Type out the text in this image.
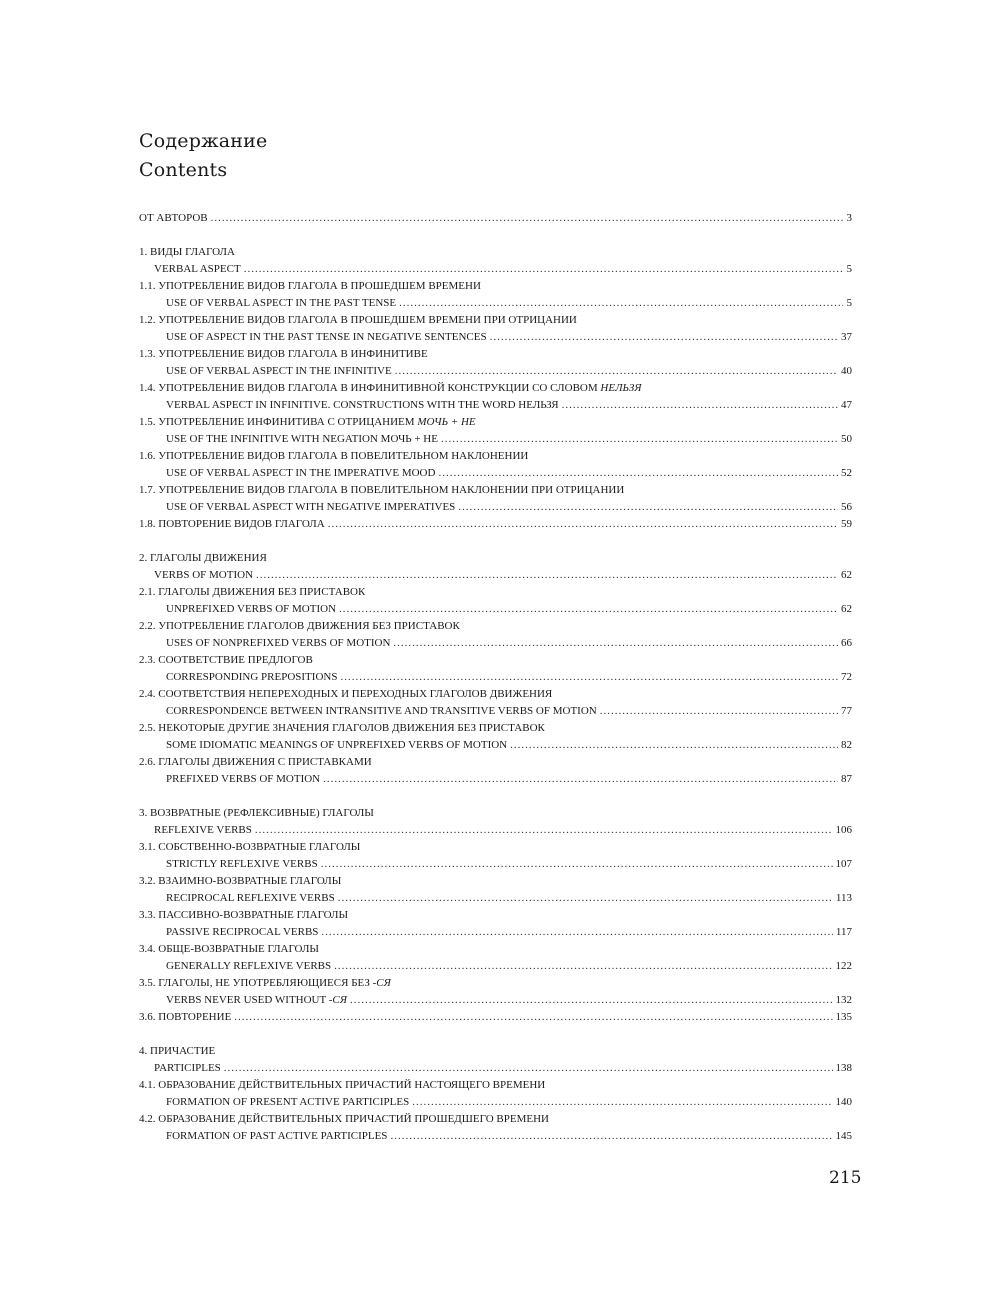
Содержание
Contents
ОТ АВТОРОВ .....	3
1. ВИДЫ ГЛАГОЛА
VERBAL ASPECT .....	5
1.1. УПОТРЕБЛЕНИЕ ВИДОВ ГЛАГОЛА В ПРОШЕДШЕМ ВРЕМЕНИ
USE OF VERBAL ASPECT IN THE PAST TENSE .....	5
1.2. УПОТРЕБЛЕНИЕ ВИДОВ ГЛАГОЛА В ПРОШЕДШЕМ ВРЕМЕНИ ПРИ ОТРИЦАНИИ
USE OF ASPECT IN THE PAST TENSE IN NEGATIVE SENTENCES .....	37
1.3. УПОТРЕБЛЕНИЕ ВИДОВ ГЛАГОЛА В ИНФИНИТИВЕ
USE OF VERBAL ASPECT IN THE INFINITIVE .....	40
1.4. УПОТРЕБЛЕНИЕ ВИДОВ ГЛАГОЛА В ИНФИНИТИВНОЙ КОНСТРУКЦИИ СО СЛОВОМ НЕЛЬЗЯ
VERBAL ASPECT IN INFINITIVE. CONSTRUCTIONS WITH THE WORD НЕЛЬЗЯ .....	47
1.5. УПОТРЕБЛЕНИЕ ИНФИНИТИВА С ОТРИЦАНИЕМ МОЧЬ + НЕ
USE OF THE INFINITIVE WITH NEGATION МОЧЬ + НЕ .....	50
1.6. УПОТРЕБЛЕНИЕ ВИДОВ ГЛАГОЛА В ПОВЕЛИТЕЛЬНОМ НАКЛОНЕНИИ
USE OF VERBAL ASPECT IN THE IMPERATIVE MOOD .....	52
1.7. УПОТРЕБЛЕНИЕ ВИДОВ ГЛАГОЛА В ПОВЕЛИТЕЛЬНОМ НАКЛОНЕНИИ ПРИ ОТРИЦАНИИ
USE OF VERBAL ASPECT WITH NEGATIVE IMPERATIVES .....	56
1.8. ПОВТОРЕНИЕ ВИДОВ ГЛАГОЛА .....	59
2. ГЛАГОЛЫ ДВИЖЕНИЯ
VERBS OF MOTION .....	62
2.1. ГЛАГОЛЫ ДВИЖЕНИЯ БЕЗ ПРИСТАВОК
UNPREFIXED VERBS OF MOTION .....	62
2.2. УПОТРЕБЛЕНИЕ ГЛАГОЛОВ ДВИЖЕНИЯ БЕЗ ПРИСТАВОК
USES OF NONPREFIXED VERBS OF MOTION .....	66
2.3. СООТВЕТСТВИЕ ПРЕДЛОГОВ
CORRESPONDING PREPOSITIONS .....	72
2.4. СООТВЕТСТВИЯ НЕПЕРЕХОДНЫХ И ПЕРЕХОДНЫХ ГЛАГОЛОВ ДВИЖЕНИЯ
CORRESPONDENCE BETWEEN INTRANSITIVE AND TRANSITIVE VERBS OF MOTION .....	77
2.5. НЕКОТОРЫЕ ДРУГИЕ ЗНАЧЕНИЯ ГЛАГОЛОВ ДВИЖЕНИЯ БЕЗ ПРИСТАВОК
SOME IDIOMATIC MEANINGS OF UNPREFIXED VERBS OF MOTION .....	82
2.6. ГЛАГОЛЫ ДВИЖЕНИЯ С ПРИСТАВКАМИ
PREFIXED VERBS OF MOTION .....	87
3. ВОЗВРАТНЫЕ (РЕФЛЕКСИВНЫЕ) ГЛАГОЛЫ
REFLEXIVE VERBS .....	106
3.1. СОБСТВЕННО-ВОЗВРАТНЫЕ ГЛАГОЛЫ
STRICTLY REFLEXIVE VERBS .....	107
3.2. ВЗАИМНО-ВОЗВРАТНЫЕ ГЛАГОЛЫ
RECIPROCAL REFLEXIVE VERBS .....	113
3.3. ПАССИВНО-ВОЗВРАТНЫЕ ГЛАГОЛЫ
PASSIVE RECIPROCAL VERBS .....	117
3.4. ОБЩЕ-ВОЗВРАТНЫЕ ГЛАГОЛЫ
GENERALLY REFLEXIVE VERBS .....	122
3.5. ГЛАГОЛЫ, НЕ УПОТРЕБЛЯЮЩИЕСЯ БЕЗ -СЯ
VERBS NEVER USED WITHOUT -СЯ .....	132
3.6. ПОВТОРЕНИЕ .....	135
4. ПРИЧАСТИЕ
PARTICIPLES .....	138
4.1. ОБРАЗОВАНИЕ ДЕЙСТВИТЕЛЬНЫХ ПРИЧАСТИЙ НАСТОЯЩЕГО ВРЕМЕНИ
FORMATION OF PRESENT ACTIVE PARTICIPLES .....	140
4.2. ОБРАЗОВАНИЕ ДЕЙСТВИТЕЛЬНЫХ ПРИЧАСТИЙ ПРОШЕДШЕГО ВРЕМЕНИ
FORMATION OF PAST ACTIVE PARTICIPLES .....	145
215
